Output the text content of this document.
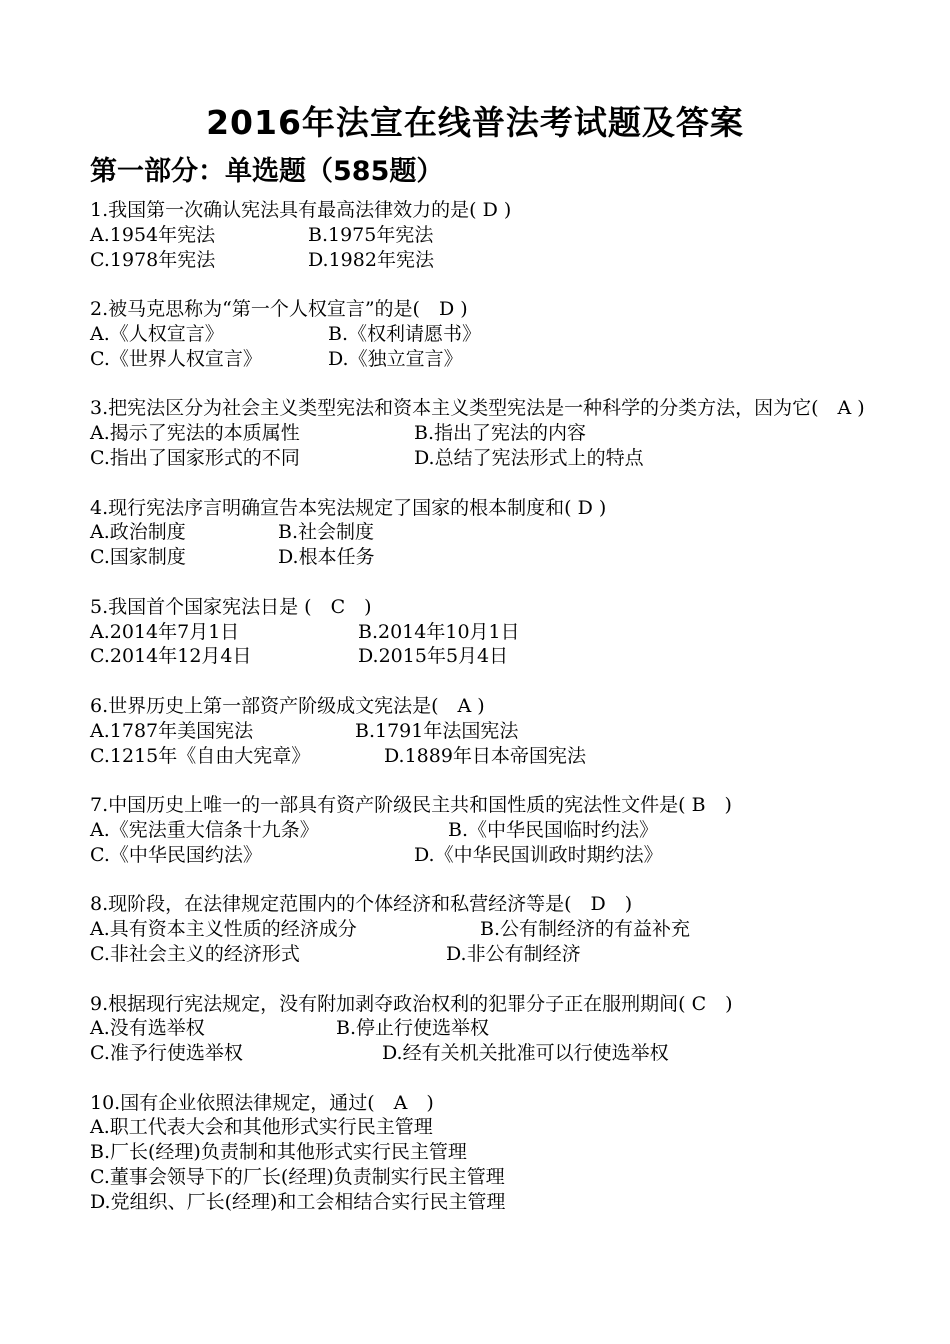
2016年法宣在线普法考试题及答案
第一部分：单选题（585题）
1.我国第一次确认宪法具有最高法律效力的是( D )
A.1954年宪法	B.1975年宪法
C.1978年宪法	D.1982年宪法
2.被马克思称为“第一个人权宣言”的是(　D )
A.《人权宣言》	B.《权利请愿书》
C.《世界人权宣言》	D.《独立宣言》
3.把宪法区分为社会主义类型宪法和资本主义类型宪法是一种科学的分类方法，因为它(　A )
A.揭示了宪法的本质属性	B.指出了宪法的内容
C.指出了国家形式的不同	D.总结了宪法形式上的特点
4.现行宪法序言明确宣告本宪法规定了国家的根本制度和( D )
A.政治制度	B.社会制度
C.国家制度	D.根本任务
5.我国首个国家宪法日是 (　C　)
A.2014年7月1日	B.2014年10月1日
C.2014年12月4日	D.2015年5月4日
6.世界历史上第一部资产阶级成文宪法是(　A )
A.1787年美国宪法	B.1791年法国宪法
C.1215年《自由大宪章》	D.1889年日本帝国宪法
7.中国历史上唯一的一部具有资产阶级民主共和国性质的宪法性文件是( B　)
A.《宪法重大信条十九条》	B.《中华民国临时约法》
C.《中华民国约法》	D.《中华民国训政时期约法》
8.现阶段，在法律规定范围内的个体经济和私营经济等是(　D　)
A.具有资本主义性质的经济成分	B.公有制经济的有益补充
C.非社会主义的经济形式	D.非公有制经济
9.根据现行宪法规定，没有附加剥夺政治权利的犯罪分子正在服刑期间( C　)
A.没有选举权	B.停止行使选举权
C.准予行使选举权	D.经有关机关批准可以行使选举权
10.国有企业依照法律规定，通过(　A　)
A.职工代表大会和其他形式实行民主管理
B.厂长(经理)负责制和其他形式实行民主管理
C.董事会领导下的厂长(经理)负责制实行民主管理
D.党组织、厂长(经理)和工会相结合实行民主管理
